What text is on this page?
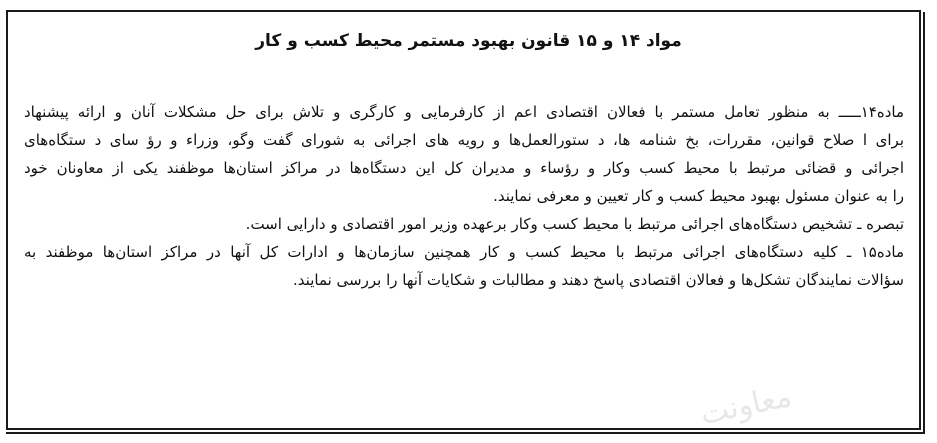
مواد ۱۴ و ۱۵ قانون بهبود مستمر محیط کسب و کار
ماده۱۴ـــــ به منظور تعامل مستمر با فعالان اقتصادی اعم از کارفرمایی و کارگری و تلاش برای حل مشکلات آنان و ارائه پیشنهاد
برای ا صلاح قوانین، مقررات، بخ شنامه ها، د ستورالعمل‌ها و رویه های اجرائی به شورای گفت وگو، وزراء و رؤ سای د ستگاه‌های
اجرائی و قضائی مرتبط با محیط کسب وکار و رؤساء و مدیران کل این دستگاه‌ها در مراکز استان‌ها موظفند یکی از معاونان خود
را به عنوان مسئول بهبود محیط کسب و کار تعیین و معرفی نمایند.
تبصره ـ تشخیص دستگاه‌های اجرائی مرتبط با محیط کسب وکار برعهده وزیر امور اقتصادی و دارایی است.
ماده۱۵ ـ کلیه دستگاه‌های اجرائی مرتبط با محیط کسب و کار همچنین سازمان‌ها و ادارات کل آنها در مراکز استان‌ها موظفند به
سؤالات نمایندگان تشکل‌ها و فعالان اقتصادی پاسخ دهند و مطالبات و شکایات آنها را بررسی نمایند.
معاونت
